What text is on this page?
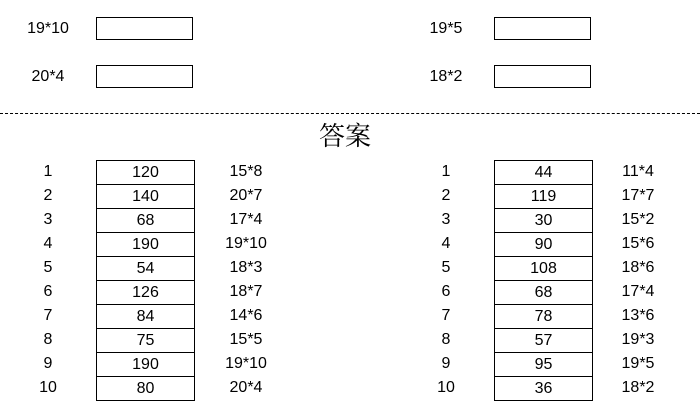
19*10	19*5
20*4	18*2
答案
1	120	15*8
2	140	20*7
3	68	17*4
4	190	19*10
5	54	18*3
6	126	18*7
7	84	14*6
8	75	15*5
9	190	19*10
10	80	20*4
1	44	11*4
2	119	17*7
3	30	15*2
4	90	15*6
5	108	18*6
6	68	17*4
7	78	13*6
8	57	19*3
9	95	19*5
10	36	18*2
